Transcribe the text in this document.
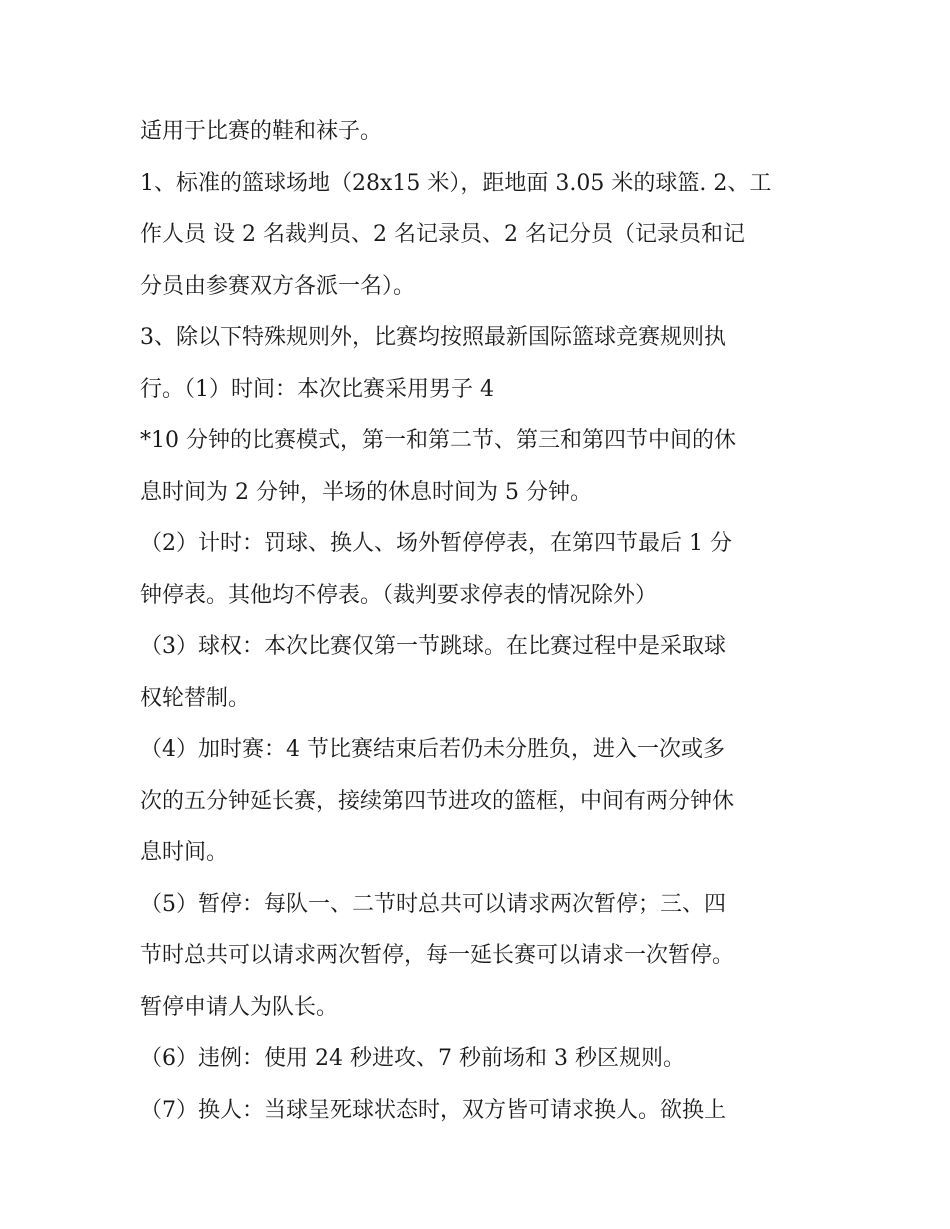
适用于比赛的鞋和袜子。
1、标准的篮球场地（28x15 米），距地面 3.05 米的球篮. 2、工
作人员 设 2 名裁判员、2 名记录员、2 名记分员（记录员和记
分员由参赛双方各派一名）。
3、除以下特殊规则外，比赛均按照最新国际篮球竞赛规则执
行。（1）时间：本次比赛采用男子 4
*10 分钟的比赛模式，第一和第二节、第三和第四节中间的休
息时间为 2 分钟，半场的休息时间为 5 分钟。
（2）计时：罚球、换人、场外暂停停表，在第四节最后 1 分
钟停表。其他均不停表。（裁判要求停表的情况除外）
（3）球权：本次比赛仅第一节跳球。在比赛过程中是采取球
权轮替制。
（4）加时赛：4 节比赛结束后若仍未分胜负，进入一次或多
次的五分钟延长赛，接续第四节进攻的篮框，中间有两分钟休
息时间。
（5）暂停：每队一、二节时总共可以请求两次暂停；三、四
节时总共可以请求两次暂停，每一延长赛可以请求一次暂停。
暂停申请人为队长。
（6）违例：使用 24 秒进攻、7 秒前场和 3 秒区规则。
（7）换人：当球呈死球状态时，双方皆可请求换人。欲换上
